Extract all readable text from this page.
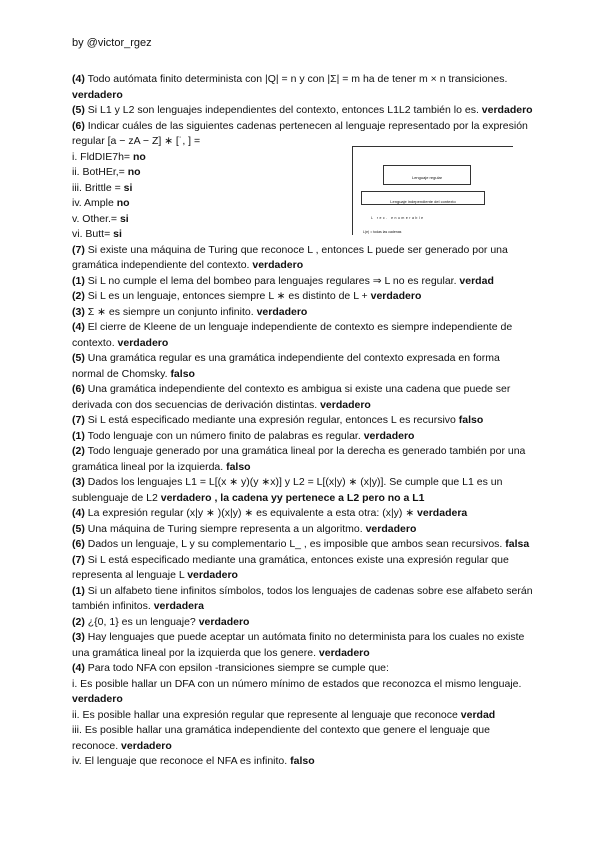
by @victor_rgez

(4) Todo autómata finito determinista con |Q| = n y con |Σ| = m ha de tener m × n transiciones. verdadero

(5) Si L1 y L2 son lenguajes independientes del contexto, entonces L1L2 también lo es. verdadero

(6) Indicar cuáles de las siguientes cadenas pertenecen al lenguaje representado por la expresión regular [a − zA − Z] ∗ [˙, ] =

i. FldDIE7h= no

ii. BotHEr,= no

iii. Brittle = si

iv. Ample no

v. Other.= si

vi. Butt= si

Lenguaje regular
Lenguaje independiente del contexto
L rec. enumerable
L(e) = todas las cadenas

(7) Si existe una máquina de Turing que reconoce L , entonces L puede ser generado por una gramática independiente del contexto. verdadero

(1) Si L no cumple el lema del bombeo para lenguajes regulares ⇒ L no es regular. verdad

(2) Si L es un lenguaje, entonces siempre L ∗ es distinto de L + verdadero

(3) Σ ∗ es siempre un conjunto infinito. verdadero

(4) El cierre de Kleene de un lenguaje independiente de contexto es siempre independiente de contexto. verdadero

(5) Una gramática regular es una gramática independiente del contexto expresada en forma normal de Chomsky. falso

(6) Una gramática independiente del contexto es ambigua si existe una cadena que puede ser derivada con dos secuencias de derivación distintas. verdadero

(7) Si L está especificado mediante una expresión regular, entonces L es recursivo falso

(1) Todo lenguaje con un número finito de palabras es regular. verdadero

(2) Todo lenguaje generado por una gramática lineal por la derecha es generado también por una gramática lineal por la izquierda. falso

(3) Dados los lenguajes L1 = L[(x ∗ y)(y ∗x)] y L2 = L[(x|y) ∗ (x|y)]. Se cumple que L1 es un sublenguaje de L2 verdadero , la cadena yy pertenece a L2 pero no a L1

(4) La expresión regular (x|y ∗ )(x|y) ∗ es equivalente a esta otra: (x|y) ∗ verdadera

(5) Una máquina de Turing siempre representa a un algoritmo. verdadero

(6) Dados un lenguaje, L y su complementario L_ , es imposible que ambos sean recursivos. falsa

(7) Si L está especificado mediante una gramática, entonces existe una expresión regular que representa al lenguaje L verdadero

(1) Si un alfabeto tiene infinitos símbolos, todos los lenguajes de cadenas sobre ese alfabeto serán también infinitos. verdadera

(2) ¿{0, 1} es un lenguaje? verdadero

(3) Hay lenguajes que puede aceptar un autómata finito no determinista para los cuales no existe una gramática lineal por la izquierda que los genere. verdadero

(4) Para todo NFA con epsilon -transiciones siempre se cumple que:

i. Es posible hallar un DFA con un número mínimo de estados que reconozca el mismo lenguaje. verdadero

ii. Es posible hallar una expresión regular que represente al lenguaje que reconoce verdad

iii. Es posible hallar una gramática independiente del contexto que genere el lenguaje que reconoce. verdadero

iv. El lenguaje que reconoce el NFA es infinito. falso
